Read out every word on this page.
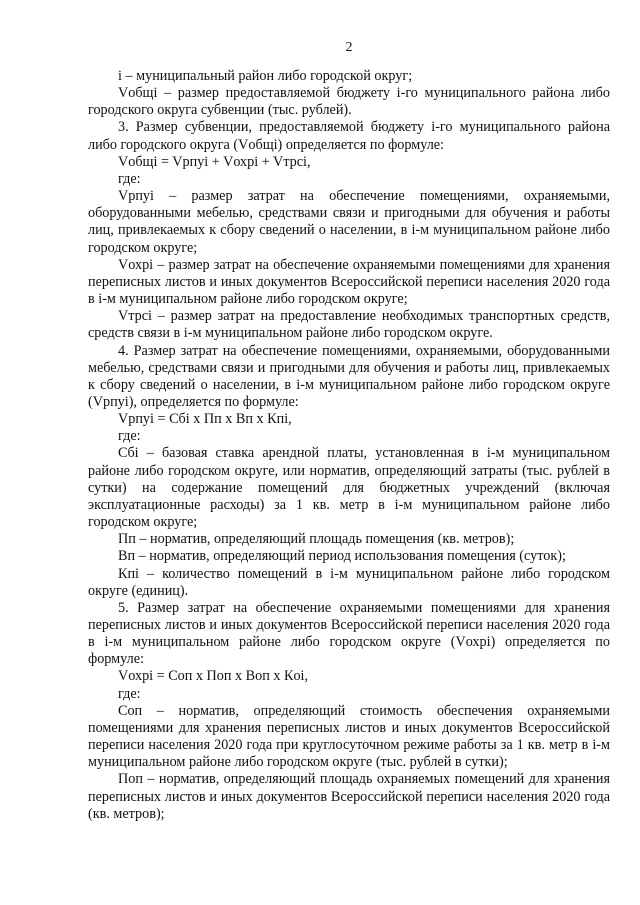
2

i – муниципальный район либо городской округ;

Vобщi – размер предоставляемой бюджету i-го муниципального района либо городского округа субвенции (тыс. рублей).

3. Размер субвенции, предоставляемой бюджету i-го муниципального района либо городского округа (Vобщi) определяется по формуле:

Vобщi = Vрпуi + Vохрi + Vтрсi,

где:

Vрпуi – размер затрат на обеспечение помещениями, охраняемыми, оборудованными мебелью, средствами связи и пригодными для обучения и работы лиц, привлекаемых к сбору сведений о населении, в i-м муниципальном районе либо городском округе;

Vохрi – размер затрат на обеспечение охраняемыми помещениями для хранения переписных листов и иных документов Всероссийской переписи населения 2020 года в i-м муниципальном районе либо городском округе;

Vтрсi – размер затрат на предоставление необходимых транспортных средств, средств связи в i-м муниципальном районе либо городском округе.

4. Размер затрат на обеспечение помещениями, охраняемыми, оборудованными мебелью, средствами связи и пригодными для обучения и работы лиц, привлекаемых к сбору сведений о населении, в i-м муниципальном районе либо городском округе (Vрпуi), определяется по формуле:

Vрпуi = Cбi x Пп x Bп x Кпi,

где:

Cбi – базовая ставка арендной платы, установленная в i-м муниципальном районе либо городском округе, или норматив, определяющий затраты (тыс. рублей в сутки) на содержание помещений для бюджетных учреждений (включая эксплуатационные расходы) за 1 кв. метр в i-м муниципальном районе либо городском округе;

Пп – норматив, определяющий площадь помещения (кв. метров);

Bп – норматив, определяющий период использования помещения (суток);

Кпi – количество помещений в i-м муниципальном районе либо городском округе (единиц).

5. Размер затрат на обеспечение охраняемыми помещениями для хранения переписных листов и иных документов Всероссийской переписи населения 2020 года в i-м муниципальном районе либо городском округе (Vохрi) определяется по формуле:

Vохрi = Cоп x Поп x Bоп x Кoi,

где:

Cоп – норматив, определяющий стоимость обеспечения охраняемыми помещениями для хранения переписных листов и иных документов Всероссийской переписи населения 2020 года при круглосуточном режиме работы за 1 кв. метр в i-м муниципальном районе либо городском округе (тыс. рублей в сутки);

Поп – норматив, определяющий площадь охраняемых помещений для хранения переписных листов и иных документов Всероссийской переписи населения 2020 года (кв. метров);
